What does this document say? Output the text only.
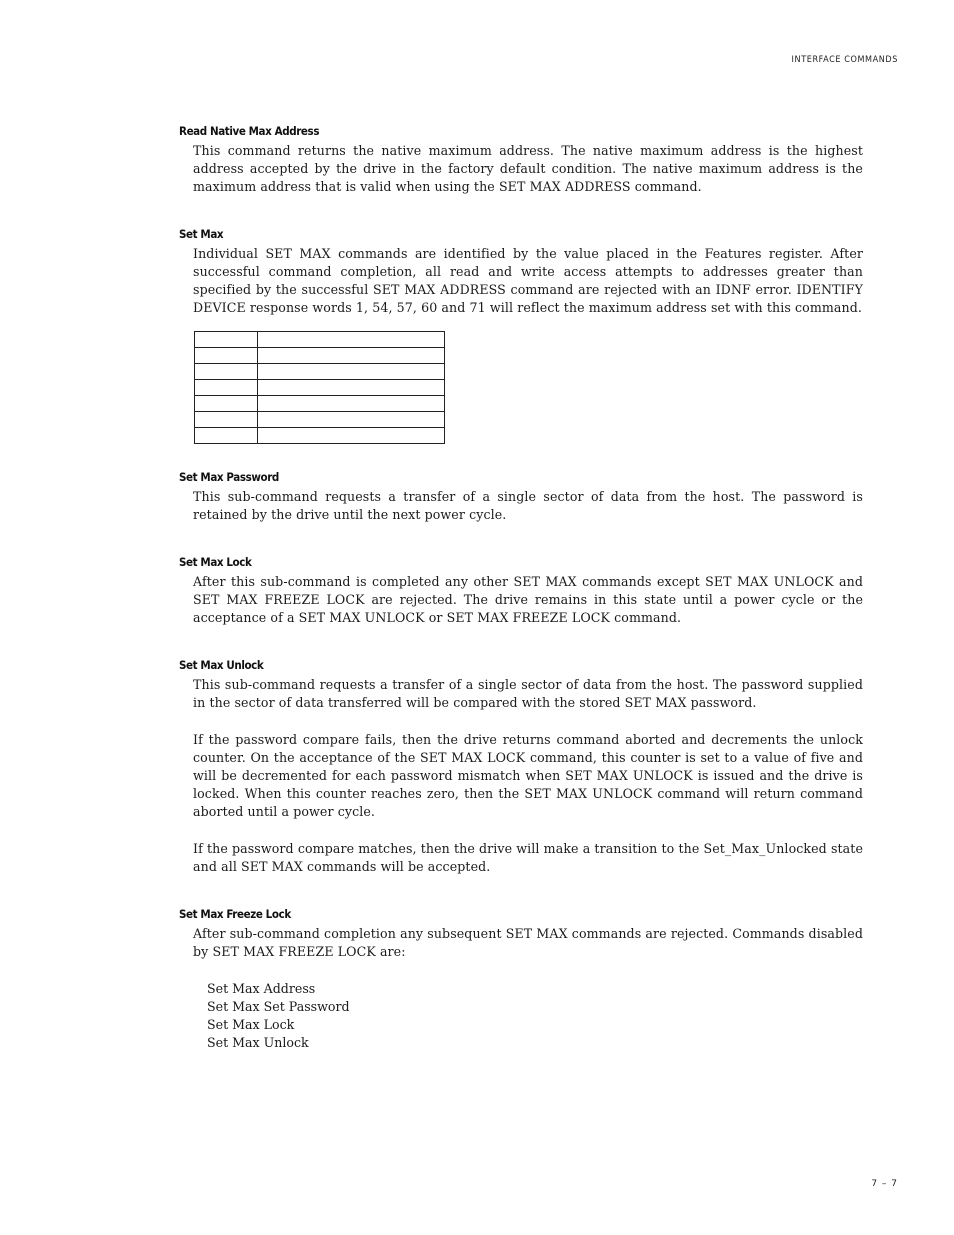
INTERFACE COMMANDS

Read Native Max Address

This command returns the native maximum address. The native maximum address is the highest address accepted by the drive in the factory default condition. The native maximum address is the maximum address that is valid when using the SET MAX ADDRESS command.

Set Max

Individual SET MAX commands are identified by the value placed in the Features register. After successful command completion, all read and write access attempts to addresses greater than specified by the successful SET MAX ADDRESS command are rejected with an IDNF error. IDENTIFY DEVICE response words 1, 54, 57, 60 and 71 will reflect the maximum address set with this command.

Set Max Password

This sub-command requests a transfer of a single sector of data from the host. The password is retained by the drive until the next power cycle.

Set Max Lock

After this sub-command is completed any other SET MAX commands except SET MAX UNLOCK and SET MAX FREEZE LOCK are rejected. The drive remains in this state until a power cycle or the acceptance of a SET MAX UNLOCK or SET MAX FREEZE LOCK command.

Set Max Unlock

This sub-command requests a transfer of a single sector of data from the host. The password supplied in the sector of data transferred will be compared with the stored SET MAX password.

If the password compare fails, then the drive returns command aborted and decrements the unlock counter. On the acceptance of the SET MAX LOCK command, this counter is set to a value of five and will be decremented for each password mismatch when SET MAX UNLOCK is issued and the drive is locked. When this counter reaches zero, then the SET MAX UNLOCK command will return command aborted until a power cycle.

If the password compare matches, then the drive will make a transition to the Set_Max_Unlocked state and all SET MAX commands will be accepted.

Set Max Freeze Lock

After sub-command completion any subsequent SET MAX commands are rejected. Commands disabled by SET MAX FREEZE LOCK are:

Set Max Address
Set Max Set Password
Set Max Lock
Set Max Unlock
7 – 7
